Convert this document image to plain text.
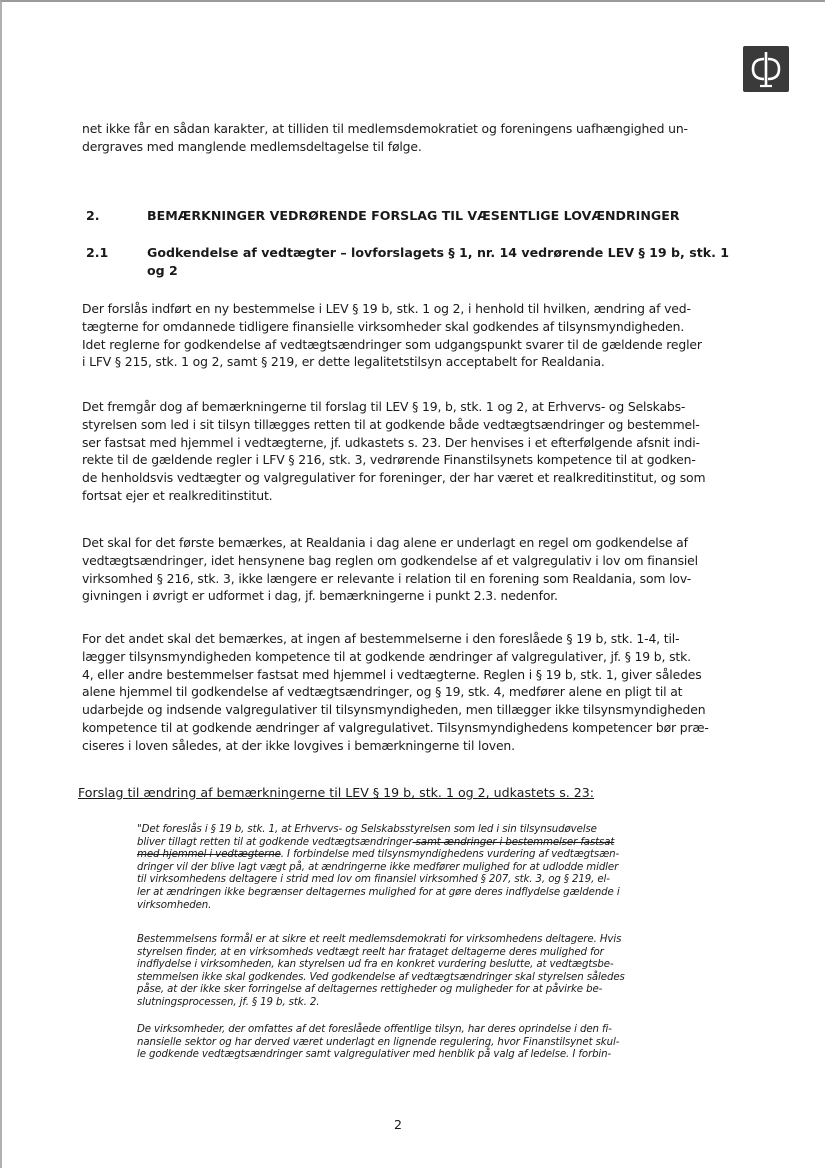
net ikke får en sådan karakter, at tilliden til medlemsdemokratiet og foreningens uafhængighed un-
dergraves med manglende medlemsdeltagelse til følge.
2.	BEMÆRKNINGER VEDRØRENDE FORSLAG TIL VÆSENTLIGE LOVÆNDRINGER
2.1	Godkendelse af vedtægter – lovforslagets § 1, nr. 14 vedrørende LEV § 19 b, stk. 1
og 2
Der forslås indført en ny bestemmelse i LEV § 19 b, stk. 1 og 2, i henhold til hvilken, ændring af ved-
tægterne for omdannede tidligere finansielle virksomheder skal godkendes af tilsynsmyndigheden.
Idet reglerne for godkendelse af vedtægtsændringer som udgangspunkt svarer til de gældende regler
i LFV § 215, stk. 1 og 2, samt § 219, er dette legalitetstilsyn acceptabelt for Realdania.
Det fremgår dog af bemærkningerne til forslag til LEV § 19, b, stk. 1 og 2, at Erhvervs- og Selskabs-
styrelsen som led i sit tilsyn tillægges retten til at godkende både vedtægtsændringer og bestemmel-
ser fastsat med hjemmel i vedtægterne, jf. udkastets s. 23. Der henvises i et efterfølgende afsnit indi-
rekte til de gældende regler i LFV § 216, stk. 3, vedrørende Finanstilsynets kompetence til at godken-
de henholdsvis vedtægter og valgregulativer for foreninger, der har været et realkreditinstitut, og som
fortsat ejer et realkreditinstitut.
Det skal for det første bemærkes, at Realdania i dag alene er underlagt en regel om godkendelse af
vedtægtsændringer, idet hensynene bag reglen om godkendelse af et valgregulativ i lov om finansiel
virksomhed § 216, stk. 3, ikke længere er relevante i relation til en forening som Realdania, som lov-
givningen i øvrigt er udformet i dag, jf. bemærkningerne i punkt 2.3. nedenfor.
For det andet skal det bemærkes, at ingen af bestemmelserne i den foreslåede § 19 b, stk. 1-4, til-
lægger tilsynsmyndigheden kompetence til at godkende ændringer af valgregulativer, jf. § 19 b, stk.
4, eller andre bestemmelser fastsat med hjemmel i vedtægterne. Reglen i § 19 b, stk. 1, giver således
alene hjemmel til godkendelse af vedtægtsændringer, og § 19, stk. 4, medfører alene en pligt til at
udarbejde og indsende valgregulativer til tilsynsmyndigheden, men tillægger ikke tilsynsmyndigheden
kompetence til at godkende ændringer af valgregulativet. Tilsynsmyndighedens kompetencer bør præ-
ciseres i loven således, at der ikke lovgives i bemærkningerne til loven.
Forslag til ændring af bemærkningerne til LEV § 19 b, stk. 1 og 2, udkastets s. 23:
"Det foreslås i § 19 b, stk. 1, at Erhvervs- og Selskabsstyrelsen som led i sin tilsynsudøvelse
bliver tillagt retten til at godkende vedtægtsændringer samt ændringer i bestemmelser fastsat
med hjemmel i vedtægterne. I forbindelse med tilsynsmyndighedens vurdering af vedtægtsæn-
dringer vil der blive lagt vægt på, at ændringerne ikke medfører mulighed for at udlodde midler
til virksomhedens deltagere i strid med lov om finansiel virksomhed § 207, stk. 3, og § 219, el-
ler at ændringen ikke begrænser deltagernes mulighed for at gøre deres indflydelse gældende i
virksomheden.
Bestemmelsens formål er at sikre et reelt medlemsdemokrati for virksomhedens deltagere. Hvis
styrelsen finder, at en virksomheds vedtægt reelt har frataget deltagerne deres mulighed for
indflydelse i virksomheden, kan styrelsen ud fra en konkret vurdering beslutte, at vedtægtsbe-
stemmelsen ikke skal godkendes. Ved godkendelse af vedtægtsændringer skal styrelsen således
påse, at der ikke sker forringelse af deltagernes rettigheder og muligheder for at påvirke be-
slutningsprocessen, jf. § 19 b, stk. 2.
De virksomheder, der omfattes af det foreslåede offentlige tilsyn, har deres oprindelse i den fi-
nansielle sektor og har derved været underlagt en lignende regulering, hvor Finanstilsynet skul-
le godkende vedtægtsændringer samt valgregulativer med henblik på valg af ledelse. I forbin-
2
